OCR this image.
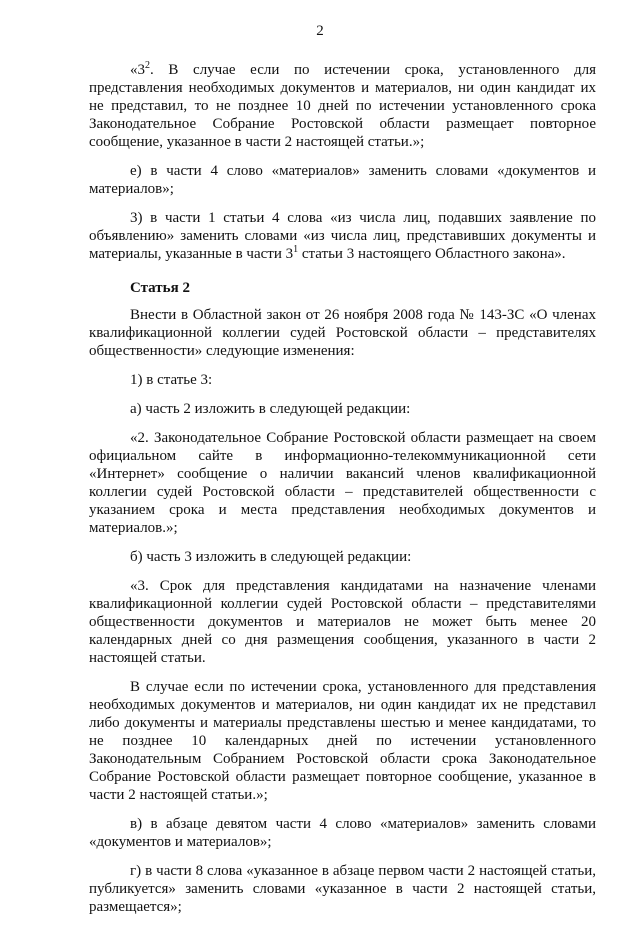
2

«$3^2$. В случае если по истечении срока, установленного для представления необходимых документов и материалов, ни один кандидат их не представил, то не позднее 10 дней по истечении установленного срока Законодательное Собрание Ростовской области размещает повторное сообщение, указанное в части 2 настоящей статьи.»;

е) в части 4 слово «материалов» заменить словами «документов и материалов»;

3) в части 1 статьи 4 слова «из числа лиц, подавших заявление по объявлению» заменить словами «из числа лиц, представивших документы и материалы, указанные в части $3^1$ статьи 3 настоящего Областного закона».

Статья 2

Внести в Областной закон от 26 ноября 2008 года № 143-ЗС «О членах квалификационной коллегии судей Ростовской области – представителях общественности» следующие изменения:

1) в статье 3:

а) часть 2 изложить в следующей редакции:

«2. Законодательное Собрание Ростовской области размещает на своем официальном сайте в информационно-телекоммуникационной сети «Интернет» сообщение о наличии вакансий членов квалификационной коллегии судей Ростовской области – представителей общественности с указанием срока и места представления необходимых документов и материалов.»;

б) часть 3 изложить в следующей редакции:

«3. Срок для представления кандидатами на назначение членами квалификационной коллегии судей Ростовской области – представителями общественности документов и материалов не может быть менее 20 календарных дней со дня размещения сообщения, указанного в части 2 настоящей статьи.

В случае если по истечении срока, установленного для представления необходимых документов и материалов, ни один кандидат их не представил либо документы и материалы представлены шестью и менее кандидатами, то не позднее 10 календарных дней по истечении установленного Законодательным Собранием Ростовской области срока Законодательное Собрание Ростовской области размещает повторное сообщение, указанное в части 2 настоящей статьи.»;

в) в абзаце девятом части 4 слово «материалов» заменить словами «документов и материалов»;

г) в части 8 слова «указанное в абзаце первом части 2 настоящей статьи, публикуется» заменить словами «указанное в части 2 настоящей статьи, размещается»;
